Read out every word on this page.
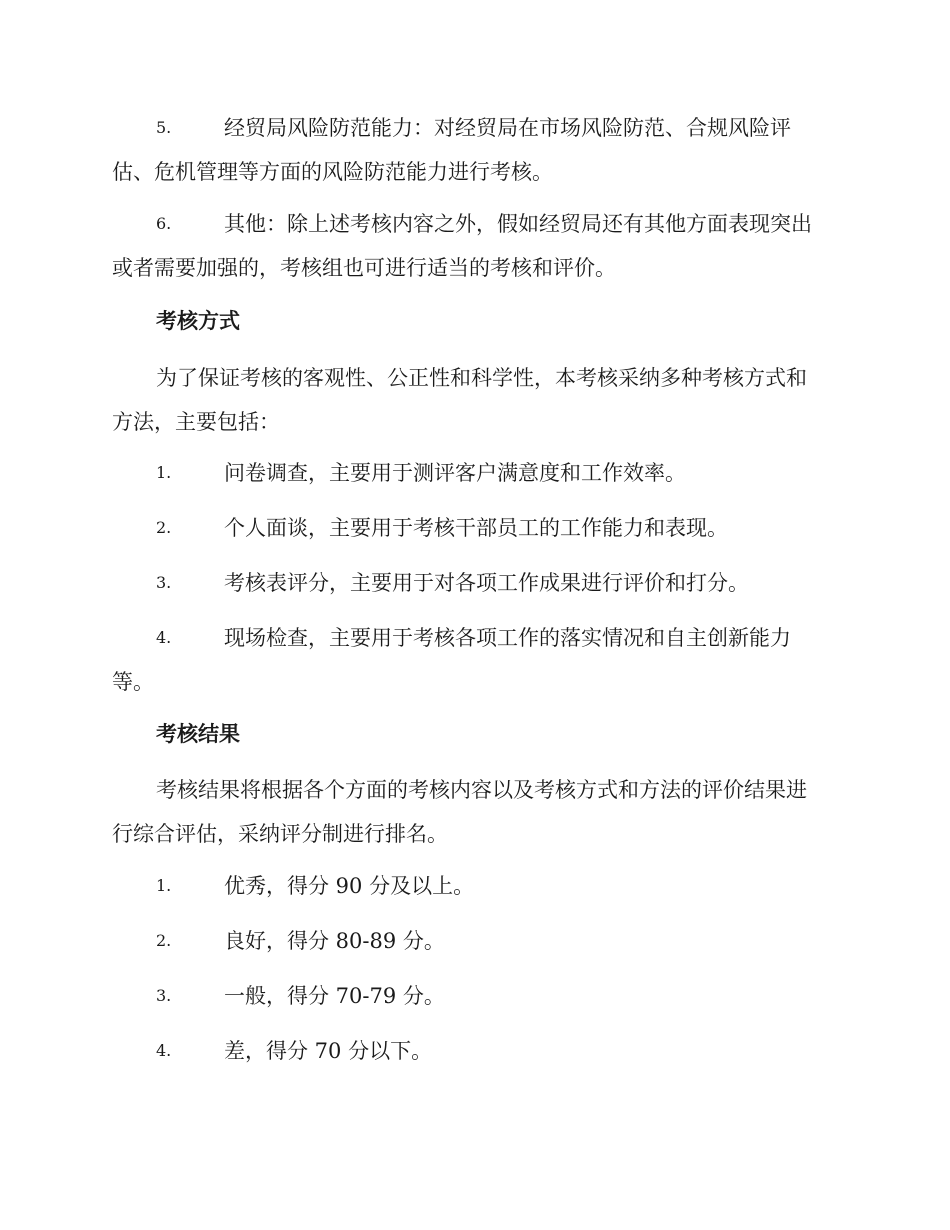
5.	经贸局风险防范能力：对经贸局在市场风险防范、合规风险评
估、危机管理等方面的风险防范能力进行考核。
6.	其他：除上述考核内容之外，假如经贸局还有其他方面表现突出
或者需要加强的，考核组也可进行适当的考核和评价。
考核方式
为了保证考核的客观性、公正性和科学性，本考核采纳多种考核方式和
方法，主要包括：
1.	问卷调查，主要用于测评客户满意度和工作效率。
2.	个人面谈，主要用于考核干部员工的工作能力和表现。
3.	考核表评分，主要用于对各项工作成果进行评价和打分。
4.	现场检查，主要用于考核各项工作的落实情况和自主创新能力
等。
考核结果
考核结果将根据各个方面的考核内容以及考核方式和方法的评价结果进
行综合评估，采纳评分制进行排名。
1.	优秀，得分 90 分及以上。
2.	良好，得分 80-89 分。
3.	一般，得分 70-79 分。
4.	差，得分 70 分以下。
